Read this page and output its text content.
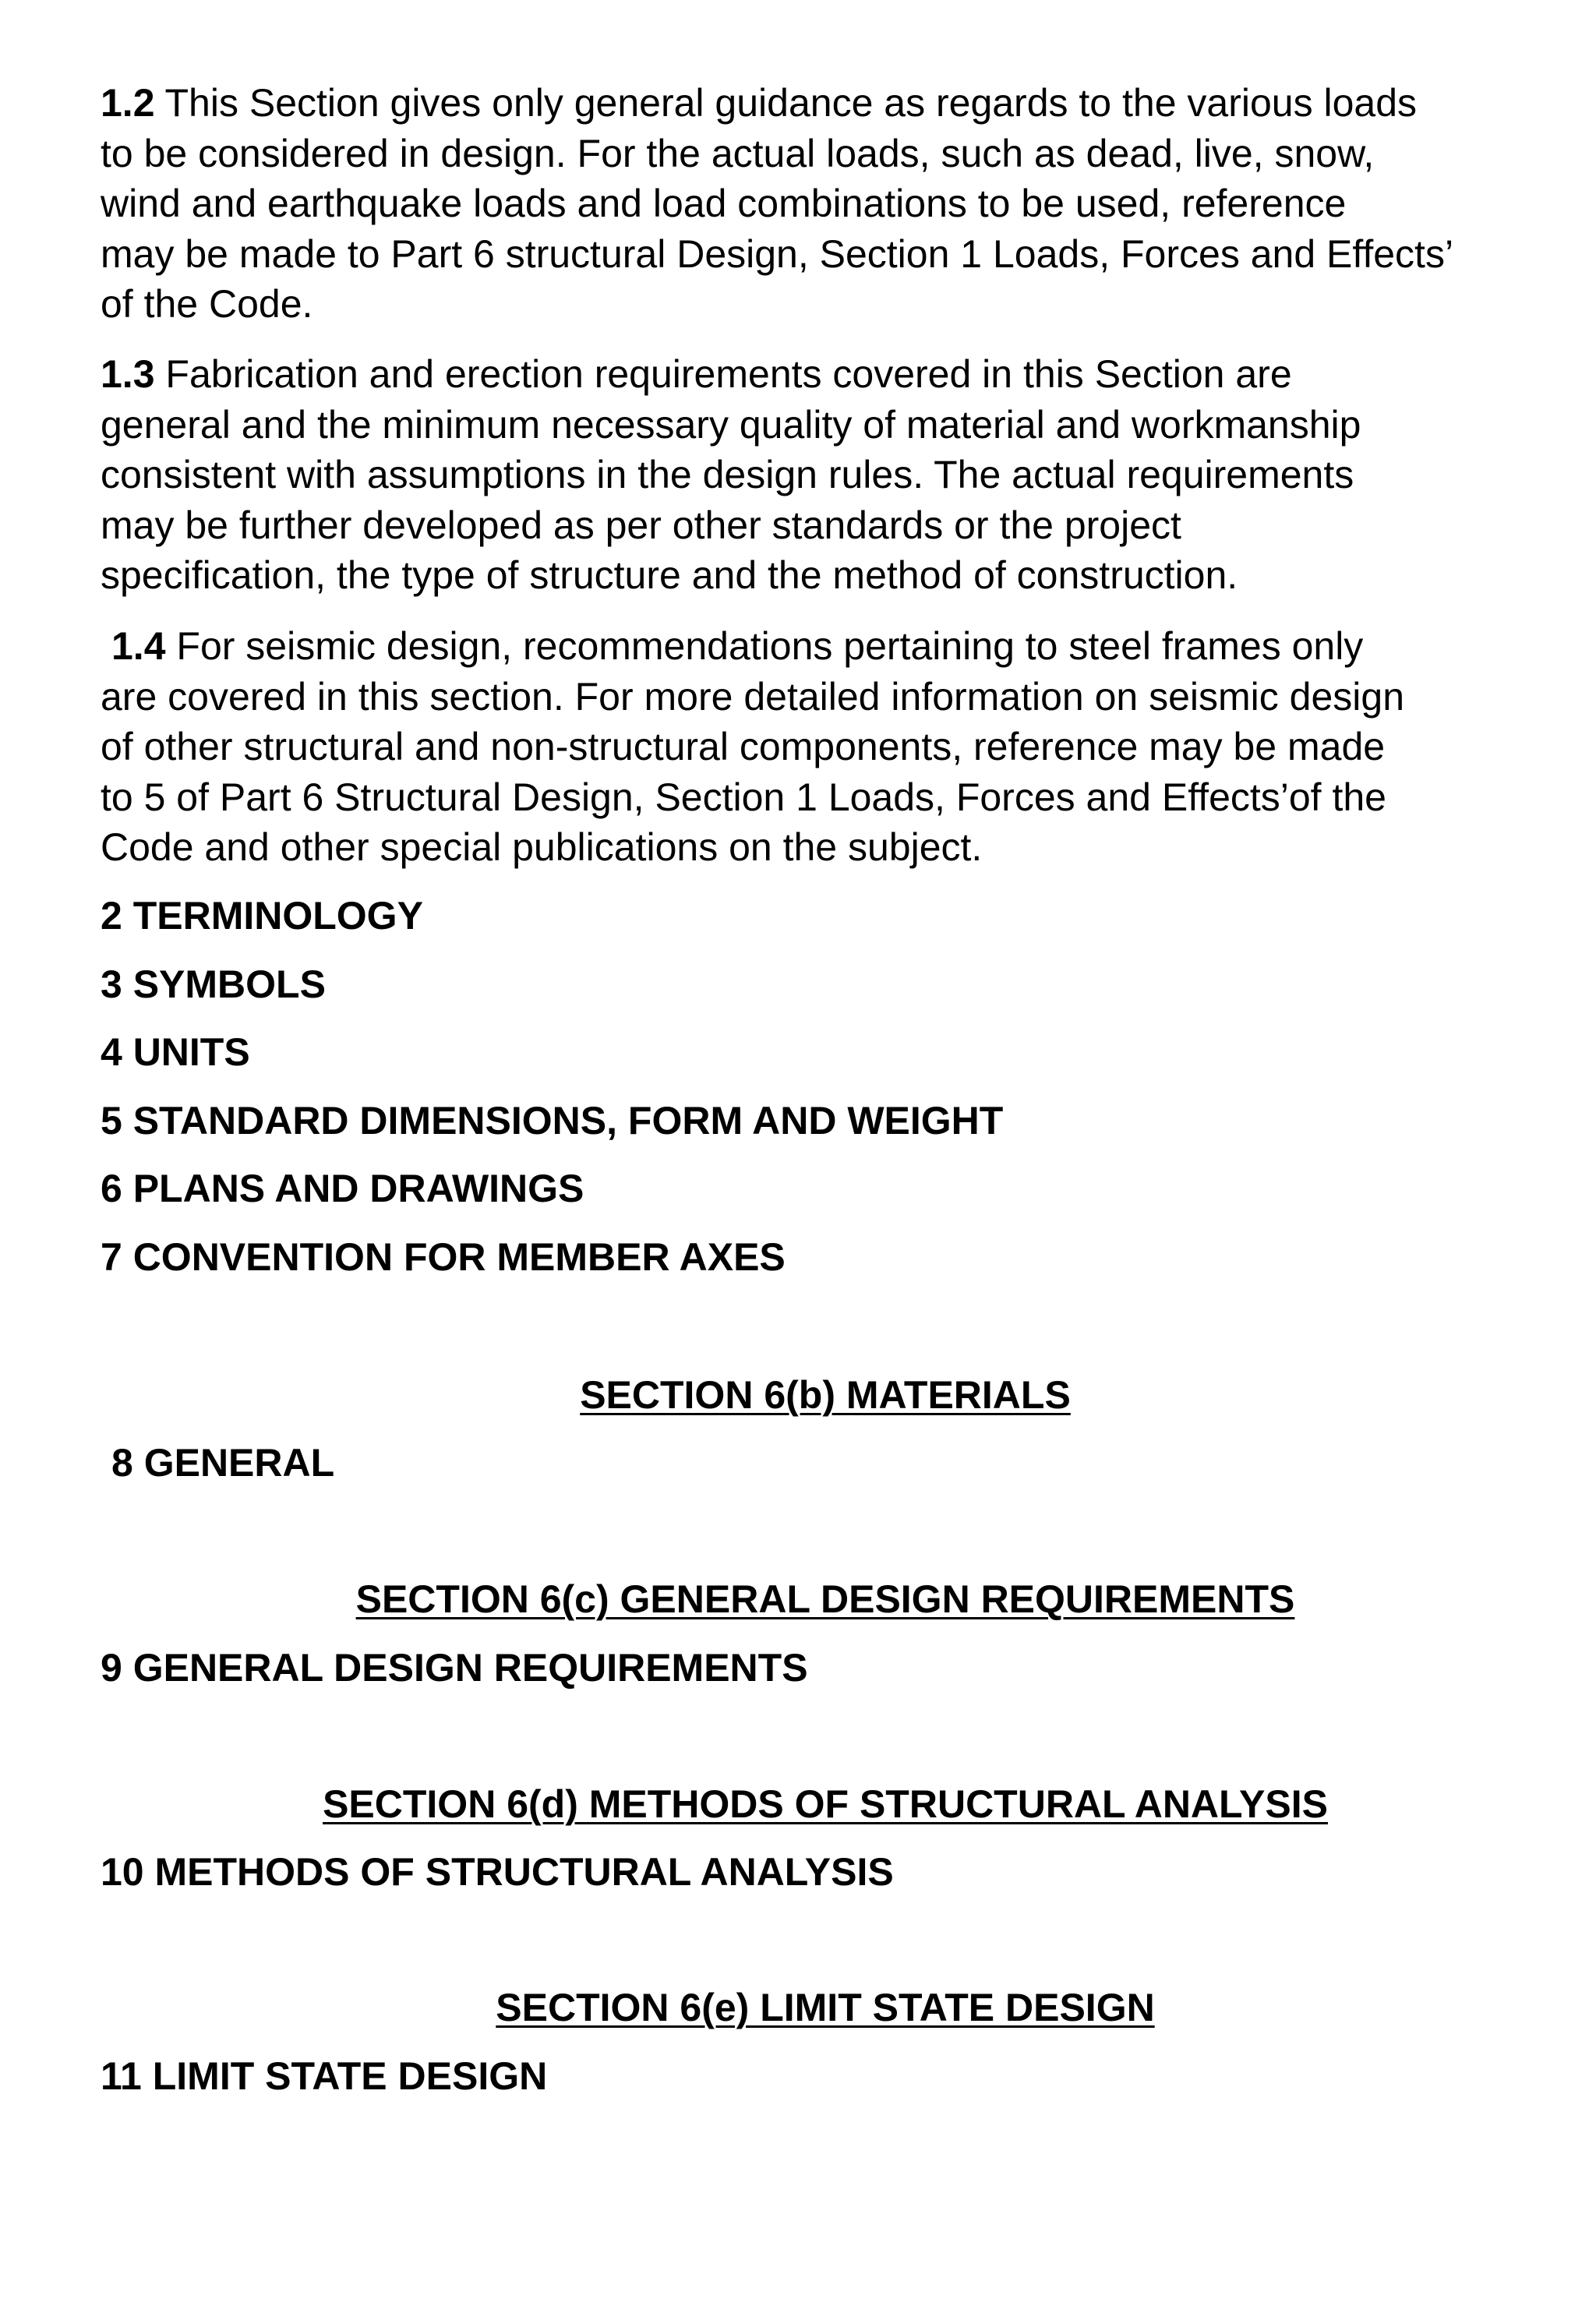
1.2 This Section gives only general guidance as regards to the various loads
to be considered in design. For the actual loads, such as dead, live, snow,
wind and earthquake loads and load combinations to be used, reference
may be made to Part 6 structural Design, Section 1 Loads, Forces and Effects’
of the Code.

1.3 Fabrication and erection requirements covered in this Section are
general and the minimum necessary quality of material and workmanship
consistent with assumptions in the design rules. The actual requirements
may be further developed as per other standards or the project
specification, the type of structure and the method of construction.

1.4 For seismic design, recommendations pertaining to steel frames only
are covered in this section. For more detailed information on seismic design
of other structural and non-structural components, reference may be made
to 5 of Part 6 Structural Design, Section 1 Loads, Forces and Effects’of the
Code and other special publications on the subject.

2 TERMINOLOGY
3 SYMBOLS
4 UNITS
5 STANDARD DIMENSIONS, FORM AND WEIGHT
6 PLANS AND DRAWINGS
7 CONVENTION FOR MEMBER AXES
SECTION 6(b) MATERIALS
8 GENERAL
SECTION 6(c) GENERAL DESIGN REQUIREMENTS
9 GENERAL DESIGN REQUIREMENTS
SECTION 6(d) METHODS OF STRUCTURAL ANALYSIS
10 METHODS OF STRUCTURAL ANALYSIS
SECTION 6(e) LIMIT STATE DESIGN
11 LIMIT STATE DESIGN
